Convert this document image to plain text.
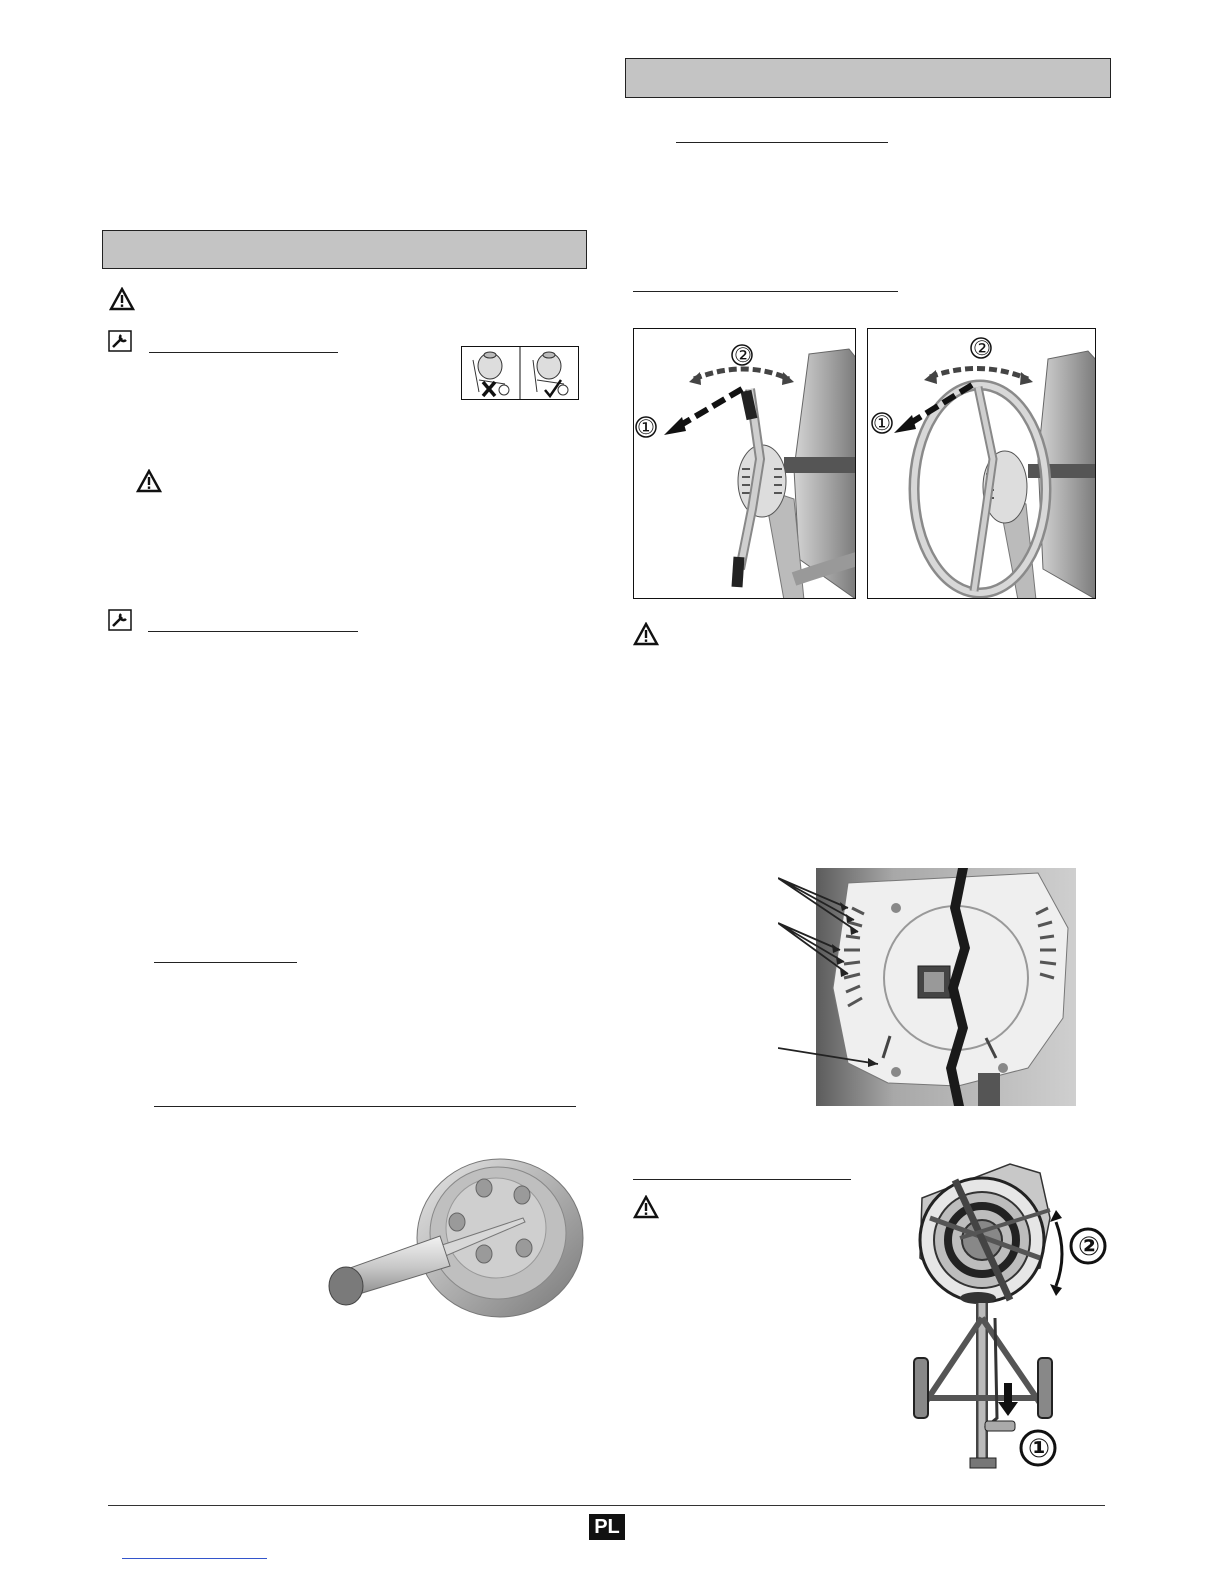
②
①
②
①
②
①
PL
